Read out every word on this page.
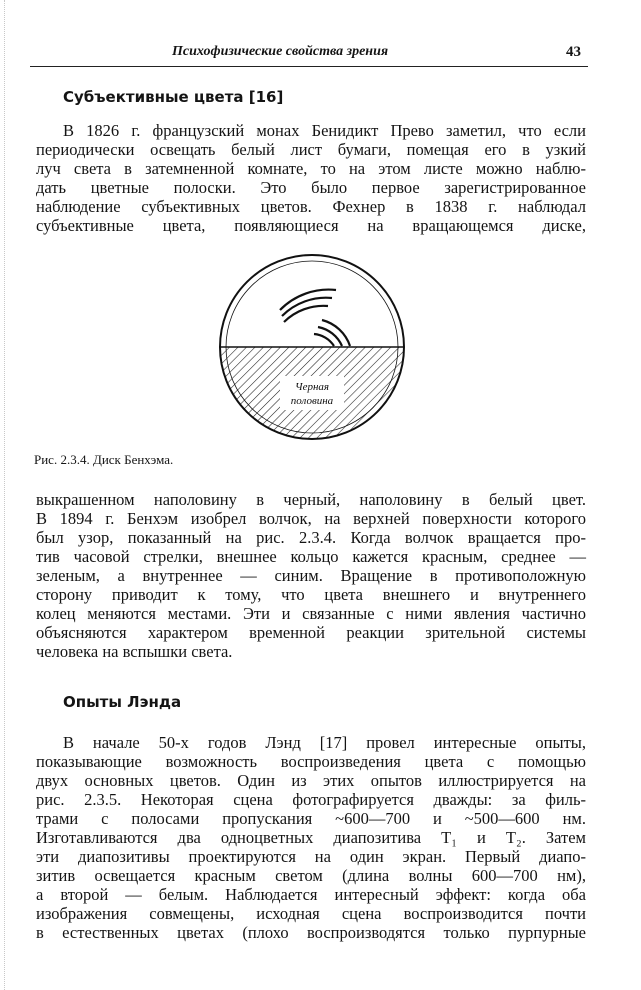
Психофизические свойства зрения	43
Субъективные цвета [16]
В 1826 г. французский монах Бенидикт Прево заметил, что если
периодически освещать белый лист бумаги, помещая его в узкий
луч света в затемненной комнате, то на этом листе можно наблю-
дать цветные полоски. Это было первое зарегистрированное
наблюдение субъективных цветов. Фехнер в 1838 г. наблюдал
субъективные цвета, появляющиеся на вращающемся диске,
Черная
половина
Рис. 2.3.4. Диск Бенхэма.
выкрашенном наполовину в черный, наполовину в белый цвет.
В 1894 г. Бенхэм изобрел волчок, на верхней поверхности которого
был узор, показанный на рис. 2.3.4. Когда волчок вращается про-
тив часовой стрелки, внешнее кольцо кажется красным, среднее —
зеленым, а внутреннее — синим. Вращение в противоположную
сторону приводит к тому, что цвета внешнего и внутреннего
колец меняются местами. Эти и связанные с ними явления частично
объясняются характером временной реакции зрительной системы
человека на вспышки света.
Опыты Лэнда
В начале 50-х годов Лэнд [17] провел интересные опыты,
показывающие возможность воспроизведения цвета с помощью
двух основных цветов. Один из этих опытов иллюстрируется на
рис. 2.3.5. Некоторая сцена фотографируется дважды: за филь-
трами с полосами пропускания ~600—700 и ~500—600 нм.
Изготавливаются два одноцветных диапозитива T₁ и T₂. Затем
эти диапозитивы проектируются на один экран. Первый диапо-
зитив освещается красным светом (длина волны 600—700 нм),
а второй — белым. Наблюдается интересный эффект: когда оба
изображения совмещены, исходная сцена воспроизводится почти
в естественных цветах (плохо воспроизводятся только пурпурные
